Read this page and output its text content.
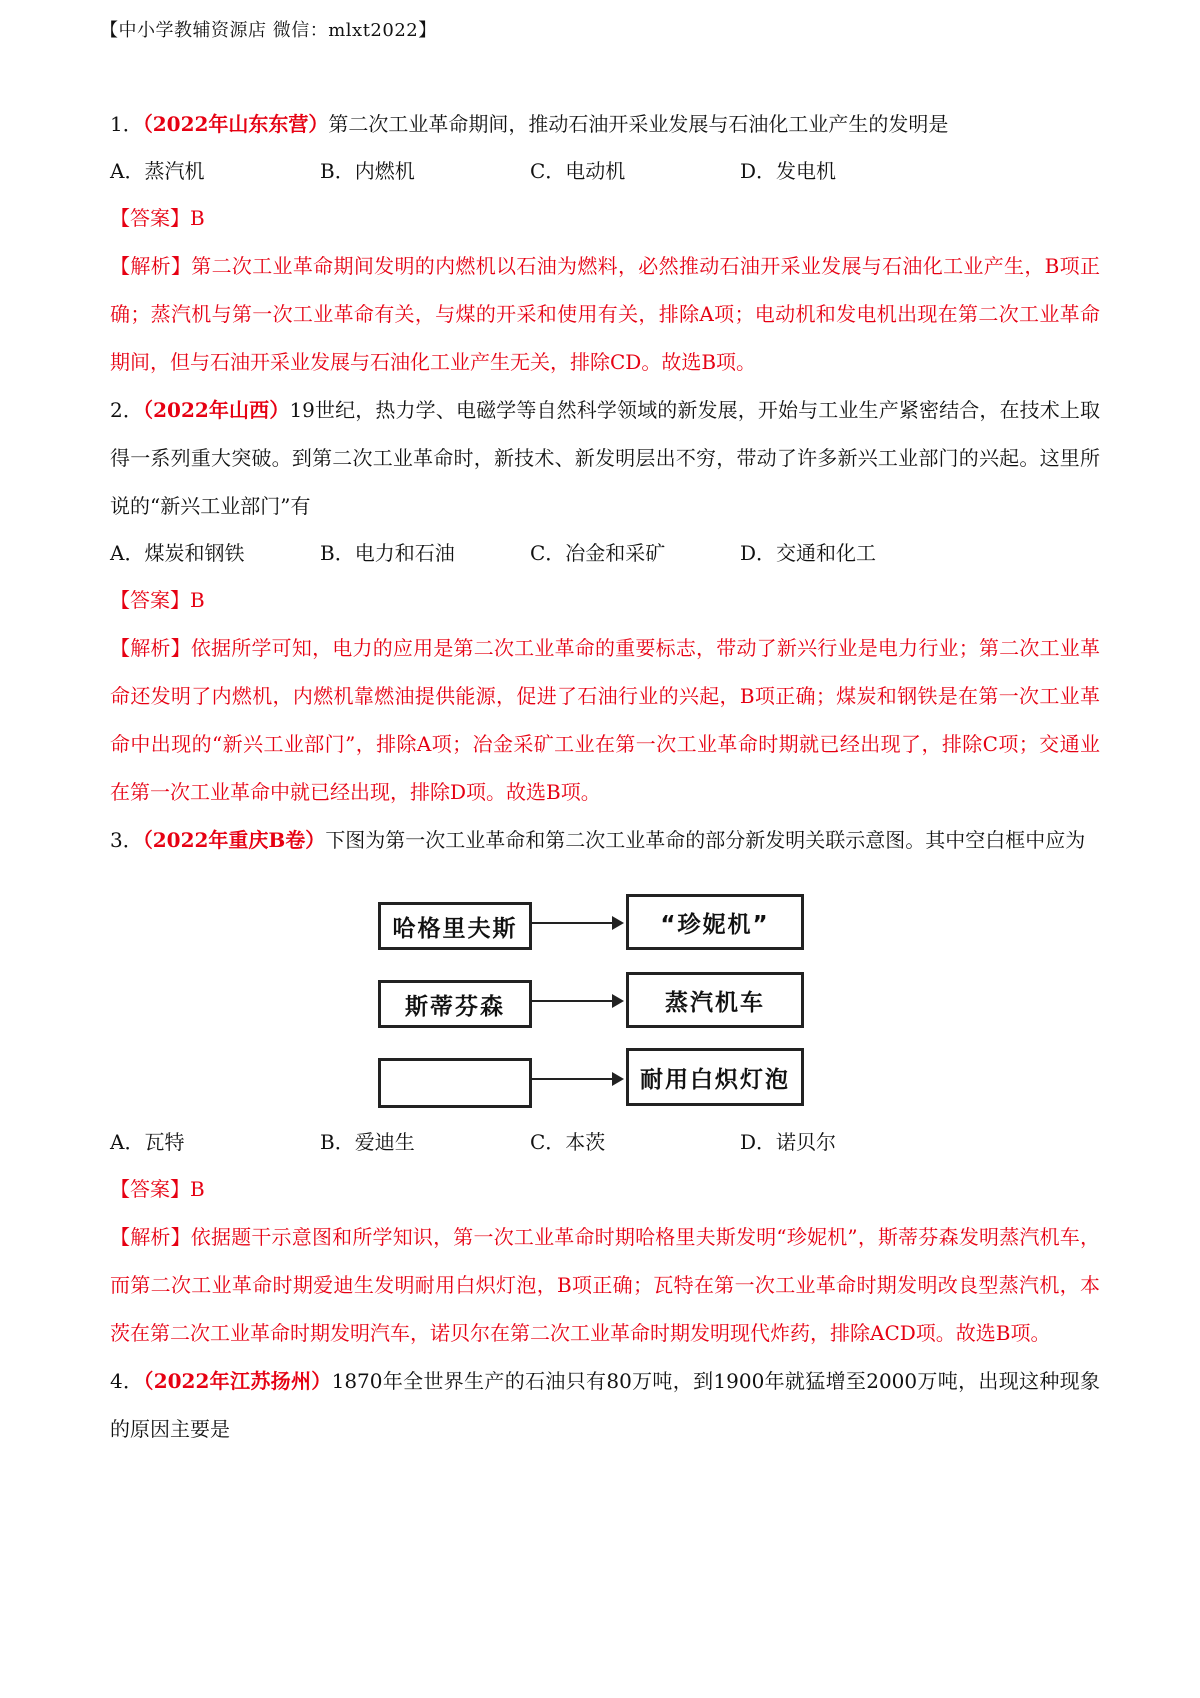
【中小学教辅资源店 微信：mlxt2022】
1．（2022年山东东营）第二次工业革命期间，推动石油开采业发展与石油化工业产生的发明是
A．蒸汽机	B．内燃机	C．电动机	D．发电机
【答案】B
【解析】第二次工业革命期间发明的内燃机以石油为燃料，必然推动石油开采业发展与石油化工业产生，B项正确；蒸汽机与第一次工业革命有关，与煤的开采和使用有关，排除A项；电动机和发电机出现在第二次工业革命期间，但与石油开采业发展与石油化工业产生无关，排除CD。故选B项。
2．（2022年山西）19世纪，热力学、电磁学等自然科学领域的新发展，开始与工业生产紧密结合，在技术上取得一系列重大突破。到第二次工业革命时，新技术、新发明层出不穷，带动了许多新兴工业部门的兴起。这里所说的“新兴工业部门”有
A．煤炭和钢铁	B．电力和石油	C．冶金和采矿	D．交通和化工
【答案】B
【解析】依据所学可知，电力的应用是第二次工业革命的重要标志，带动了新兴行业是电力行业；第二次工业革命还发明了内燃机，内燃机靠燃油提供能源，促进了石油行业的兴起，B项正确；煤炭和钢铁是在第一次工业革命中出现的“新兴工业部门”，排除A项；冶金采矿工业在第一次工业革命时期就已经出现了，排除C项；交通业在第一次工业革命中就已经出现，排除D项。故选B项。
3．（2022年重庆B卷）下图为第一次工业革命和第二次工业革命的部分新发明关联示意图。其中空白框中应为
哈格里夫斯	“珍妮机”
斯蒂芬森	蒸汽机车
耐用白炽灯泡
A．瓦特	B．爱迪生	C．本茨	D．诺贝尔
【答案】B
【解析】依据题干示意图和所学知识，第一次工业革命时期哈格里夫斯发明“珍妮机”，斯蒂芬森发明蒸汽机车，而第二次工业革命时期爱迪生发明耐用白炽灯泡，B项正确；瓦特在第一次工业革命时期发明改良型蒸汽机，本茨在第二次工业革命时期发明汽车，诺贝尔在第二次工业革命时期发明现代炸药，排除ACD项。故选B项。
4．（2022年江苏扬州）1870年全世界生产的石油只有80万吨，到1900年就猛增至2000万吨，出现这种现象的原因主要是
